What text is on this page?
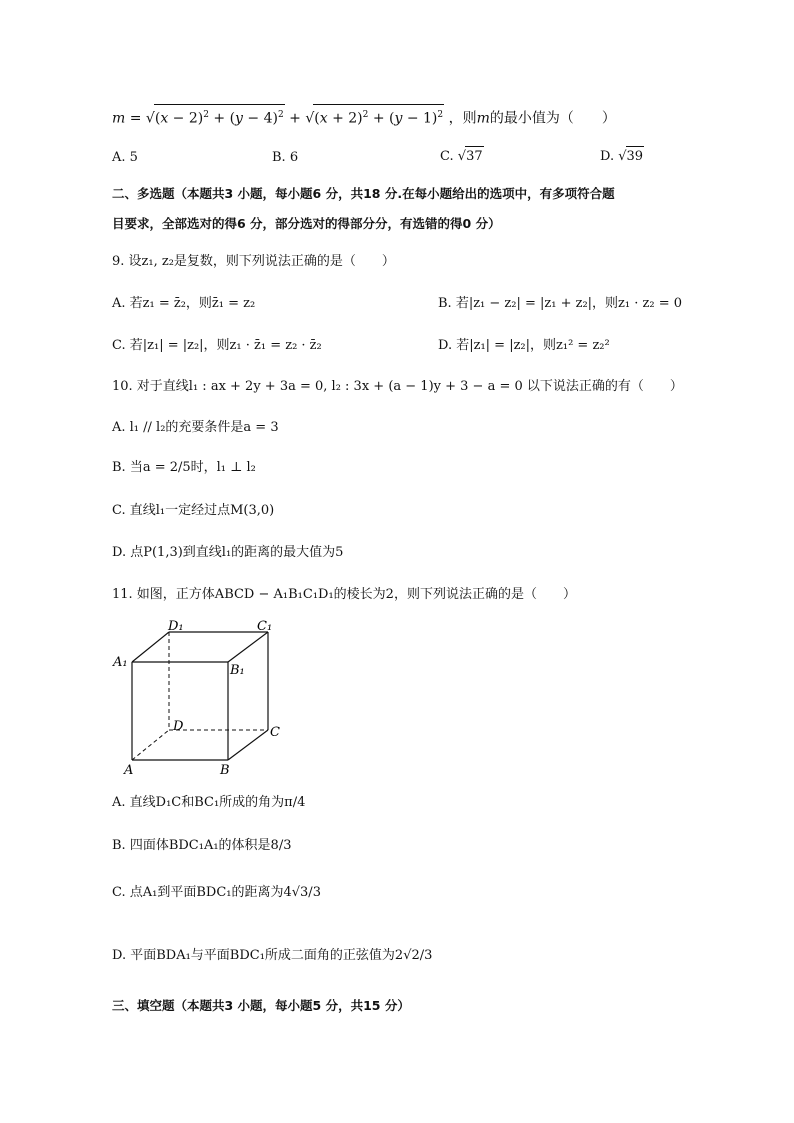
$m = √(x - 2)^2 + (y - 4)^2 + √(x + 2)^2 + (y - 1)^2$ ，则m的最小值为（　　）
A. 5	B. 6	C. √37	D. √39
二、多选题（本题共3 小题，每小题6 分，共18 分.在每小题给出的选项中，有多项符合题
目要求，全部选对的得6 分，部分选对的得部分分，有选错的得0 分）
9. 设z₁, z₂是复数，则下列说法正确的是（　　）
A. 若z₁ = z̄₂，则z̄₁ = z₂	B. 若|z₁ − z₂| = |z₁ + z₂|，则z₁ · z₂ = 0
C. 若|z₁| = |z₂|，则z₁ · z̄₁ = z₂ · z̄₂	D. 若|z₁| = |z₂|，则z₁² = z₂²
10. 对于直线l₁ : ax + 2y + 3a = 0, l₂ : 3x + (a − 1)y + 3 − a = 0 以下说法正确的有（　　）
A. l₁ // l₂的充要条件是a = 3
B. 当a = 2/5时，l₁ ⊥ l₂
C. 直线l₁一定经过点M(3,0)
D. 点P(1,3)到直线l₁的距离的最大值为5
11. 如图，正方体ABCD − A₁B₁C₁D₁的棱长为2，则下列说法正确的是（　　）
D₁	C₁
A₁
B₁
D	C
A	B
A. 直线D₁C和BC₁所成的角为π/4
B. 四面体BDC₁A₁的体积是8/3
C. 点A₁到平面BDC₁的距离为4√3/3
D. 平面BDA₁与平面BDC₁所成二面角的正弦值为2√2/3
三、填空题（本题共3 小题，每小题5 分，共15 分）
